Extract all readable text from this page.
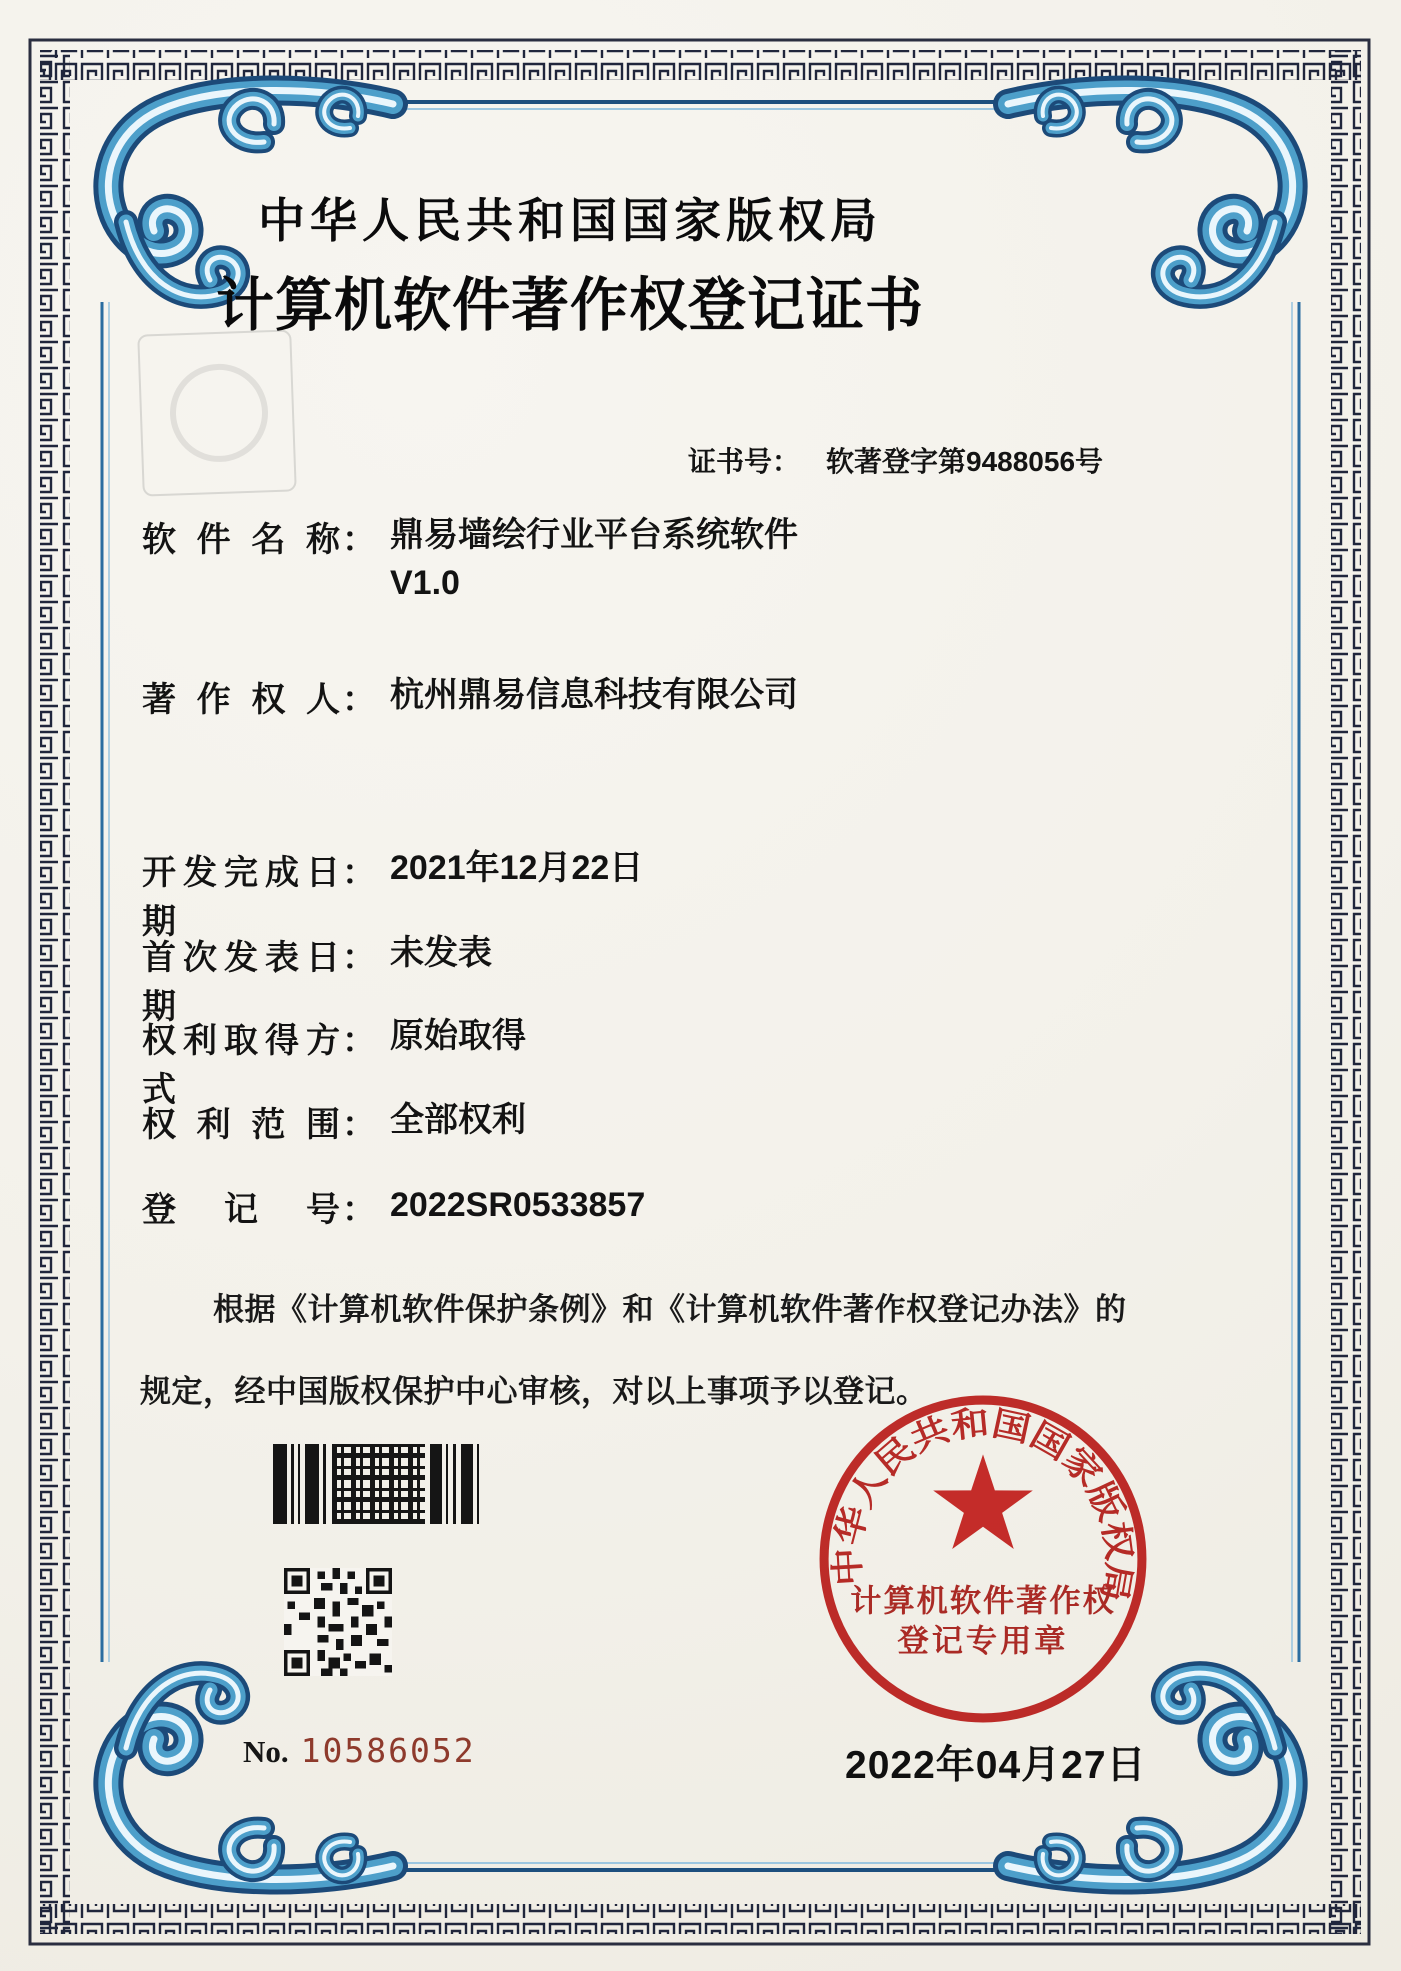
中华人民共和国国家版权局
计算机软件著作权登记证书
证书号： 软著登字第9488056号
软件名称 ： 鼎易墙绘行业平台系统软件
V1.0
著作权人 ： 杭州鼎易信息科技有限公司
开发完成日期
： 2021年12月22日
首次发表日期
： 未发表
权利取得方式
： 原始取得
权利范围 ： 全部权利
登记号 ： 2022SR0533857
根据《计算机软件保护条例》和《计算机软件著作权登记办法》的
规定，经中国版权保护中心审核，对以上事项予以登记。
No. 10586052
中华人民共和国国家版权局
计算机软件著作权
登记专用章
2022年04月27日
